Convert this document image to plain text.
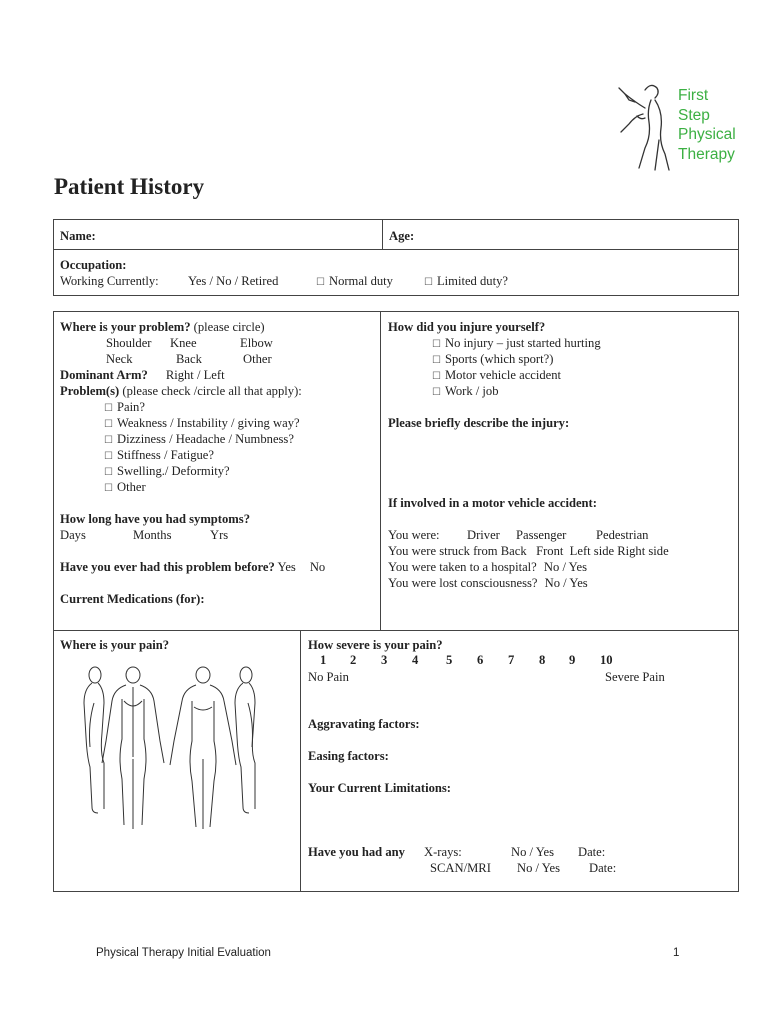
First
Step
Physical
Therapy
Patient History
Name:	Age:
Occupation:
Working Currently: Yes / No / Retired	☐ Normal duty	☐ Limited duty?
Where is your problem? (please circle)
Shoulder Knee	Elbow
Neck	Back	Other
Dominant Arm? Right / Left
Problem(s) (please check /circle all that apply):
☐ Pain?
☐ Weakness / Instability / giving way?
☐ Dizziness / Headache / Numbness?
☐ Stiffness / Fatigue?
☐ Swelling./ Deformity?
☐ Other
How long have you had symptoms?
Days	Months	Yrs
Have you ever had this problem before? Yes No
Current Medications (for):
How did you injure yourself?
☐ No injury – just started hurting
☐ Sports (which sport?)
☐ Motor vehicle accident
☐ Work / job
Please briefly describe the injury:
If involved in a motor vehicle accident:
You were: Driver Passenger Pedestrian
You were struck from Back   Front  Left side Right side
You were taken to a hospital? No / Yes
You were lost consciousness? No / Yes
Where is your pain?	How severe is your pain?
1 2 3 4 5 6 7 8 9 10
No Pain	Severe Pain
Aggravating factors:
Easing factors:
Your Current Limitations:
Have you had any X-rays:	No / Yes Date:
SCAN/MRI No / Yes Date:
Physical Therapy Initial Evaluation	1
